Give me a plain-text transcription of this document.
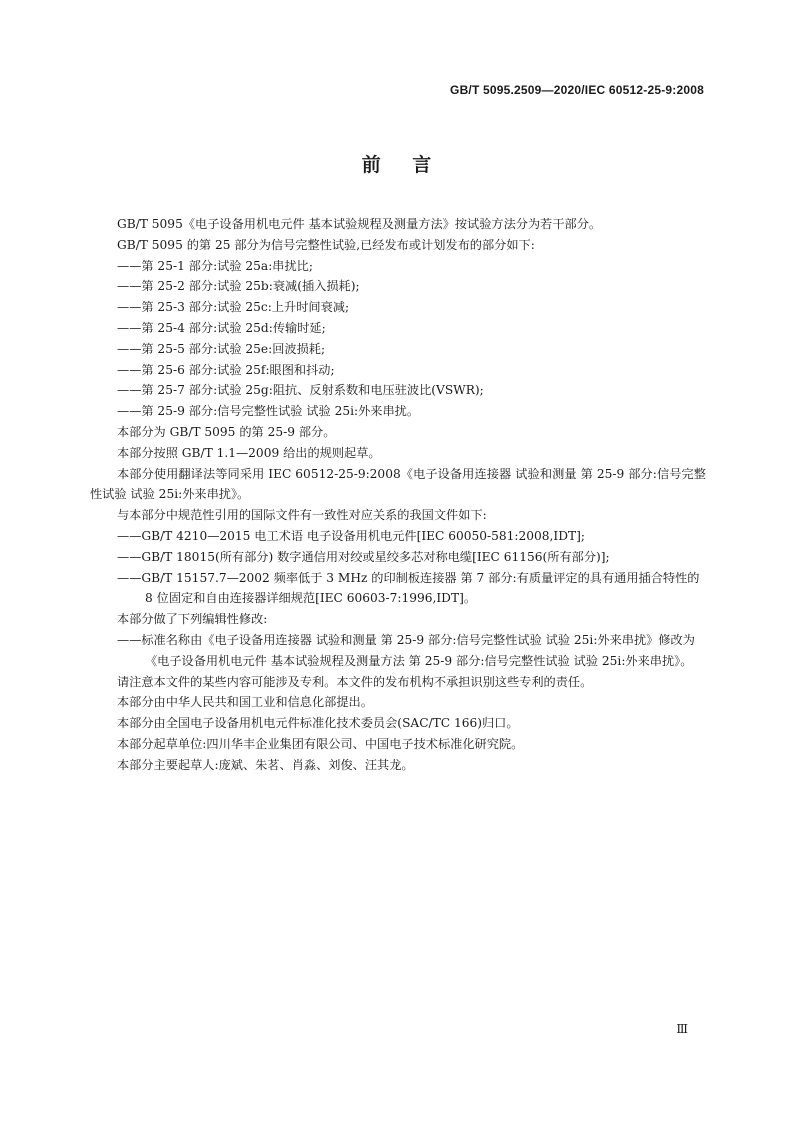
GB/T 5095.2509—2020/IEC 60512-25-9:2008
前    言
GB/T 5095《电子设备用机电元件 基本试验规程及测量方法》按试验方法分为若干部分。
GB/T 5095 的第 25 部分为信号完整性试验,已经发布或计划发布的部分如下:
——第 25-1 部分:试验 25a:串扰比;
——第 25-2 部分:试验 25b:衰减(插入损耗);
——第 25-3 部分:试验 25c:上升时间衰减;
——第 25-4 部分:试验 25d:传输时延;
——第 25-5 部分:试验 25e:回波损耗;
——第 25-6 部分:试验 25f:眼图和抖动;
——第 25-7 部分:试验 25g:阻抗、反射系数和电压驻波比(VSWR);
——第 25-9 部分:信号完整性试验 试验 25i:外来串扰。
本部分为 GB/T 5095 的第 25-9 部分。
本部分按照 GB/T 1.1—2009 给出的规则起草。
本部分使用翻译法等同采用 IEC 60512-25-9:2008《电子设备用连接器 试验和测量 第 25-9 部分:信号完整性试验 试验 25i:外来串扰》。
与本部分中规范性引用的国际文件有一致性对应关系的我国文件如下:
——GB/T 4210—2015 电工术语 电子设备用机电元件[IEC 60050-581:2008,IDT];
——GB/T 18015(所有部分) 数字通信用对绞或星绞多芯对称电缆[IEC 61156(所有部分)];
——GB/T 15157.7—2002 频率低于 3 MHz 的印制板连接器 第 7 部分:有质量评定的具有通用插合特性的 8 位固定和自由连接器详细规范[IEC 60603-7:1996,IDT]。
本部分做了下列编辑性修改:
——标准名称由《电子设备用连接器 试验和测量 第 25-9 部分:信号完整性试验 试验 25i:外来串扰》修改为《电子设备用机电元件 基本试验规程及测量方法 第 25-9 部分:信号完整性试验 试验 25i:外来串扰》。
请注意本文件的某些内容可能涉及专利。本文件的发布机构不承担识别这些专利的责任。
本部分由中华人民共和国工业和信息化部提出。
本部分由全国电子设备用机电元件标准化技术委员会(SAC/TC 166)归口。
本部分起草单位:四川华丰企业集团有限公司、中国电子技术标准化研究院。
本部分主要起草人:庞斌、朱茗、肖淼、刘俊、汪其龙。
Ⅲ
